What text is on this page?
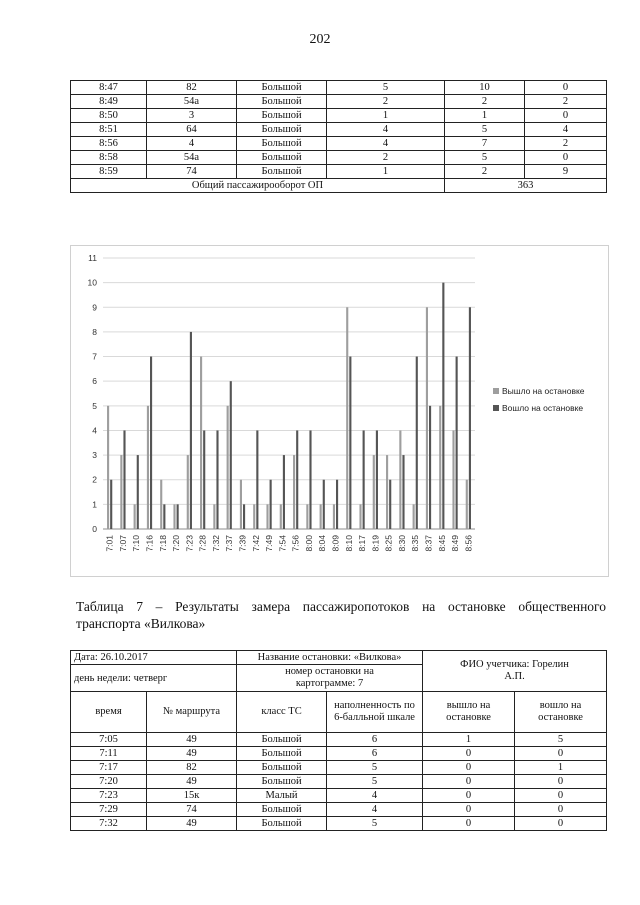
202
8:47	82	Большой	5	10	0
8:49	54а	Большой	2	2	2
8:50	3	Большой	1	1	0
8:51	64	Большой	4	5	4
8:56	4	Большой	4	7	2
8:58	54а	Большой	2	5	0
8:59	74	Большой	1	2	9
Общий пассажирооборот ОП				363	
0
1
2
3
4
5
6
7
8
9
10
11
7:01 7:07 7:10 7:16 7:18 7:20 7:23 7:28 7:32 7:37 7:39 7:42 7:49 7:54 7:56 8:00 8:04 8:09 8:10 8:17 8:19 8:25 8:30 8:35 8:37 8:45 8:49 8:56
Вышло на остановке
Вошло на остановке
Таблица 7 – Результаты замера пассажиропотоков на остановке общественного
транспорта «Вилкова»
Дата: 26.10.2017		Название остановки: «Вилкова»		ФИО учетчика: Горелин А.П.	
день недели: четверг		номер остановки на картограмме: 7			
время	№ маршрута	класс ТС	наполненность по 6-балльной шкале	вышло на остановке	вошло на остановке
7:05	49	Большой	6	1	5
7:11	49	Большой	6	0	0
7:17	82	Большой	5	0	1
7:20	49	Большой	5	0	0
7:23	15к	Малый	4	0	0
7:29	74	Большой	4	0	0
7:32	49	Большой	5	0	0
